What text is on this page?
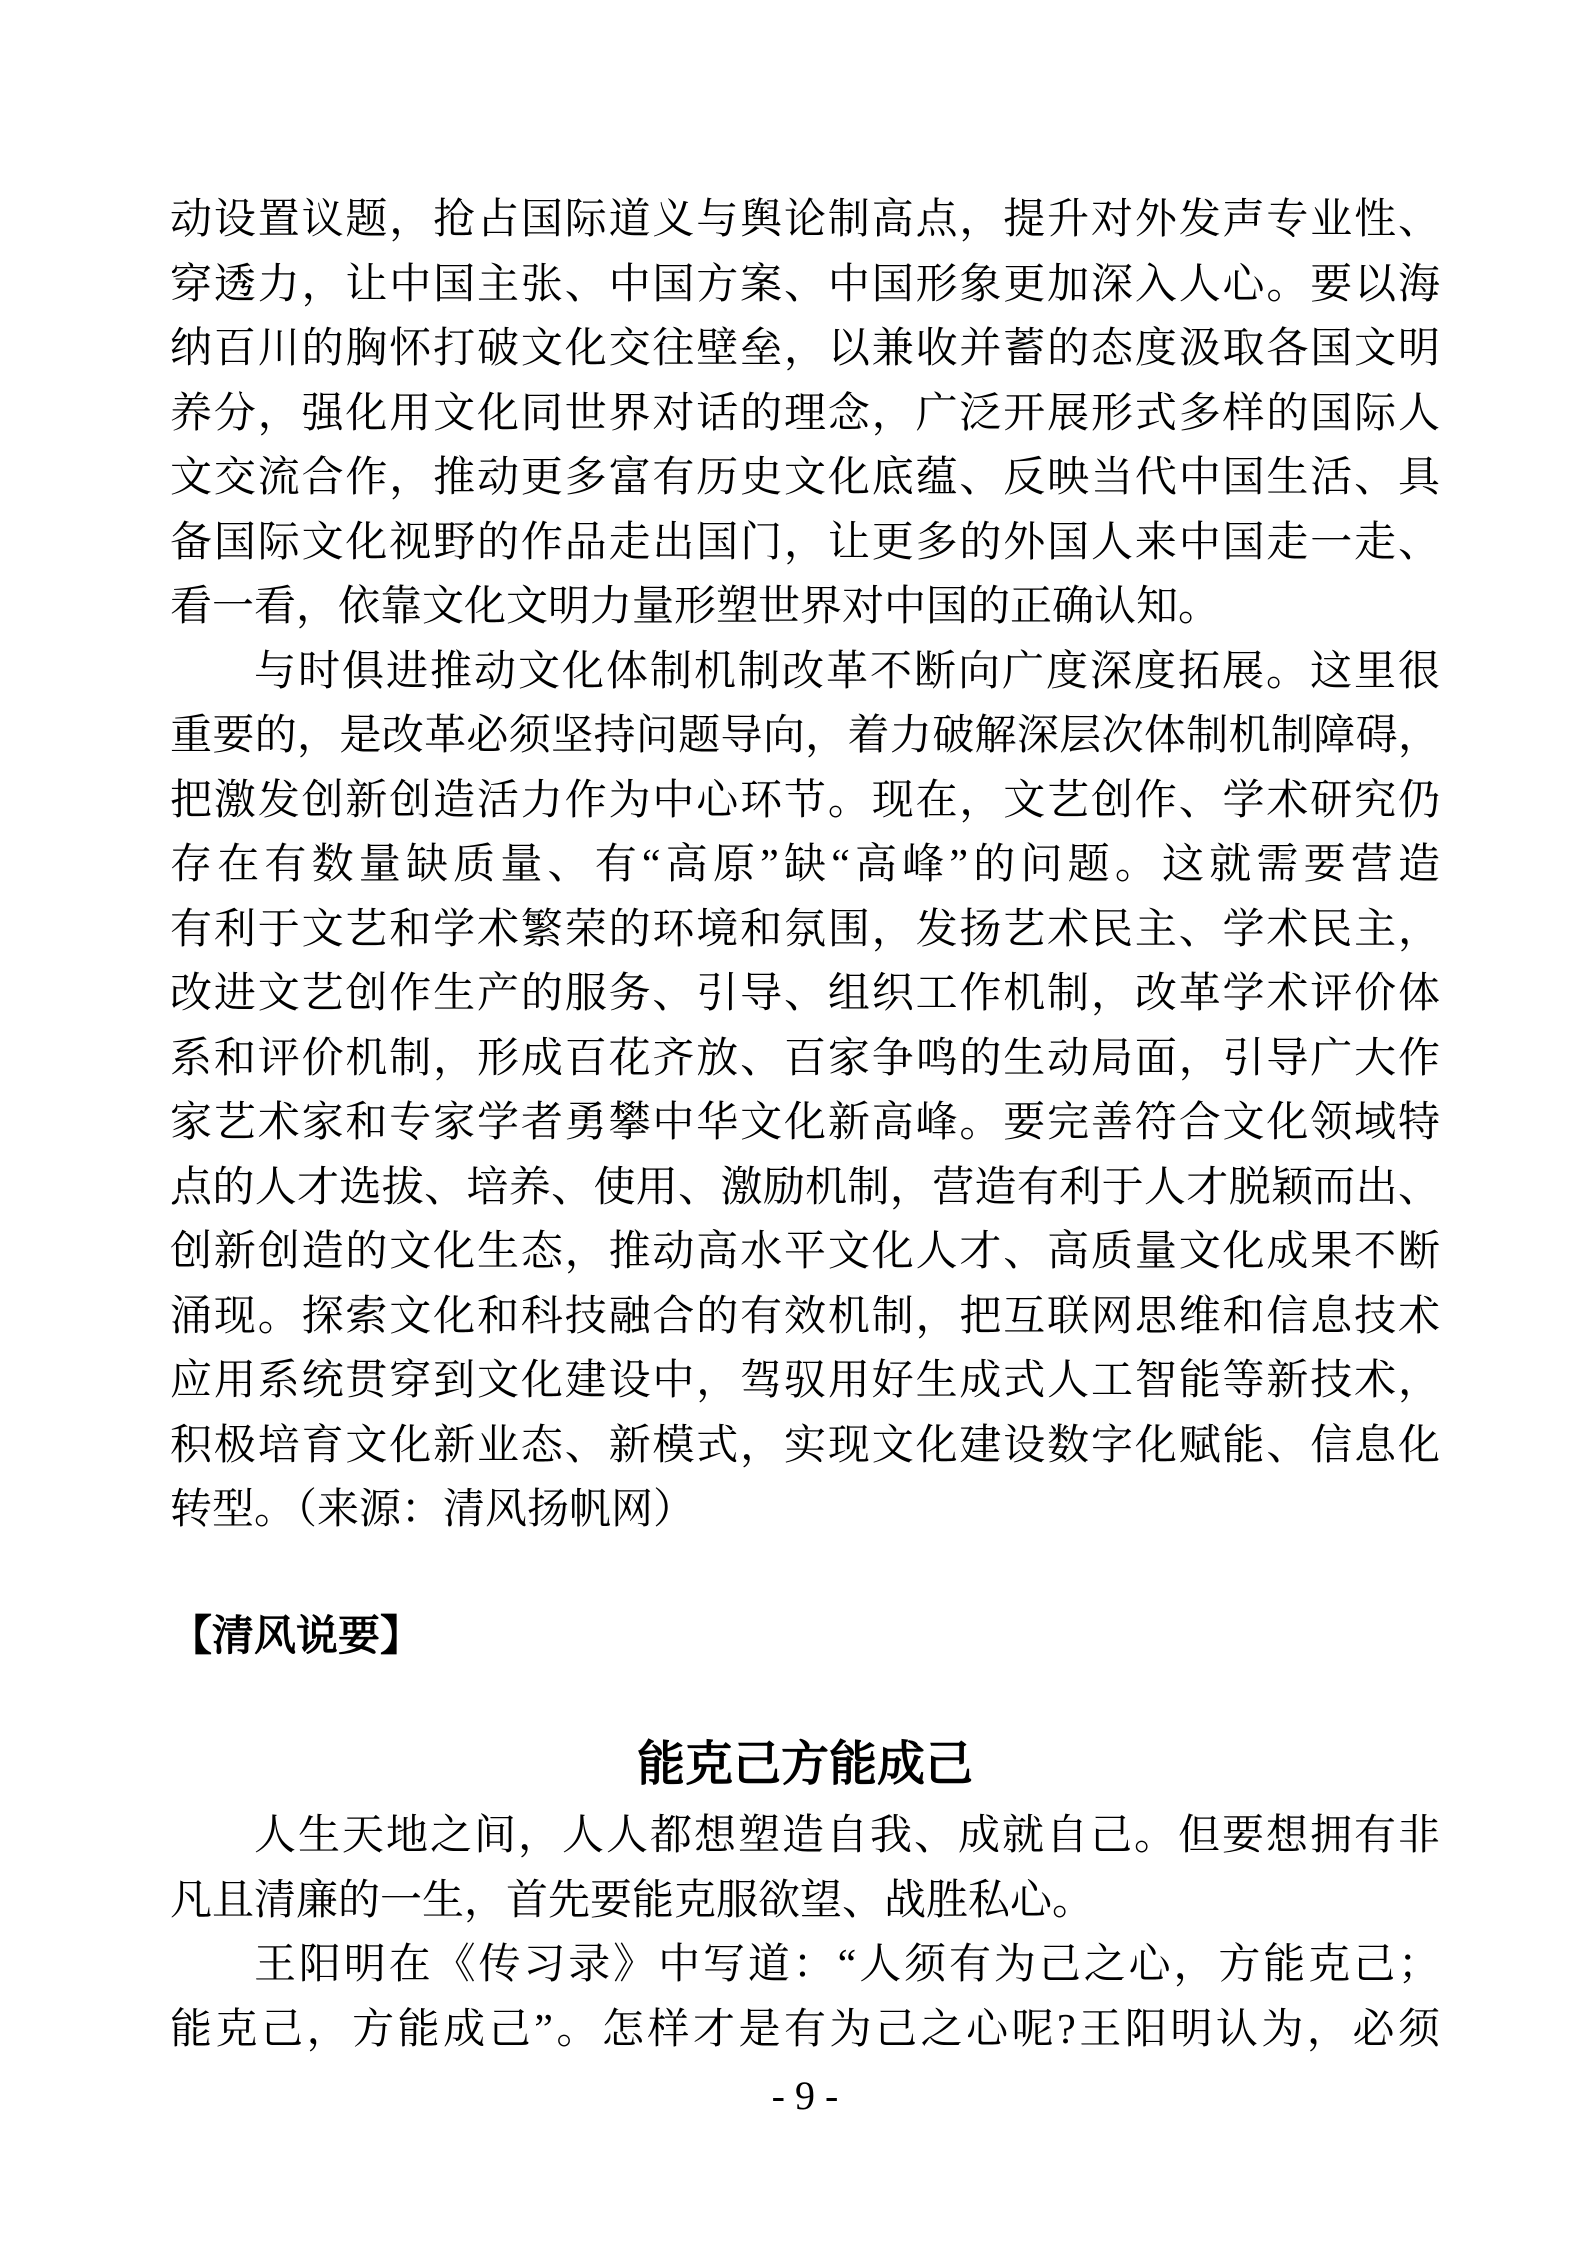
动设置议题，抢占国际道义与舆论制高点，提升对外发声专业性、
穿透力，让中国主张、中国方案、中国形象更加深入人心。要以海
纳百川的胸怀打破文化交往壁垒，以兼收并蓄的态度汲取各国文明
养分，强化用文化同世界对话的理念，广泛开展形式多样的国际人
文交流合作，推动更多富有历史文化底蕴、反映当代中国生活、具
备国际文化视野的作品走出国门，让更多的外国人来中国走一走、
看一看，依靠文化文明力量形塑世界对中国的正确认知。
与时俱进推动文化体制机制改革不断向广度深度拓展。这里很
重要的，是改革必须坚持问题导向，着力破解深层次体制机制障碍，
把激发创新创造活力作为中心环节。现在，文艺创作、学术研究仍
存在有数量缺质量、有“高原”缺“高峰”的问题。这就需要营造
有利于文艺和学术繁荣的环境和氛围，发扬艺术民主、学术民主，
改进文艺创作生产的服务、引导、组织工作机制，改革学术评价体
系和评价机制，形成百花齐放、百家争鸣的生动局面，引导广大作
家艺术家和专家学者勇攀中华文化新高峰。要完善符合文化领域特
点的人才选拔、培养、使用、激励机制，营造有利于人才脱颖而出、
创新创造的文化生态，推动高水平文化人才、高质量文化成果不断
涌现。探索文化和科技融合的有效机制，把互联网思维和信息技术
应用系统贯穿到文化建设中，驾驭用好生成式人工智能等新技术，
积极培育文化新业态、新模式，实现文化建设数字化赋能、信息化
转型。（来源：清风扬帆网）
【清风说要】
能克己方能成己
人生天地之间，人人都想塑造自我、成就自己。但要想拥有非
凡且清廉的一生，首先要能克服欲望、战胜私心。
王阳明在《传习录》中写道：“人须有为己之心，方能克己；
能克己，方能成己”。怎样才是有为己之心呢?王阳明认为，必须
- 9 -
